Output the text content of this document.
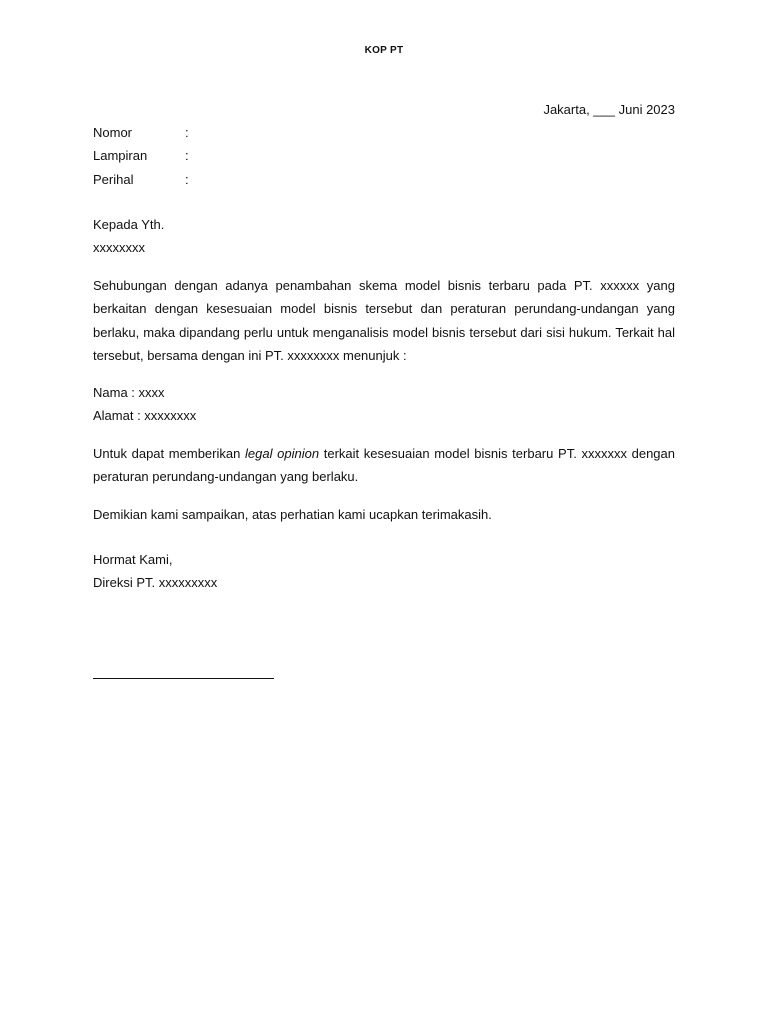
KOP PT
Jakarta, ___ Juni 2023
Nomor	:
Lampiran	:
Perihal	:
Kepada Yth.
xxxxxxxx
Sehubungan dengan adanya penambahan skema model bisnis terbaru pada PT. xxxxxx yang berkaitan dengan kesesuaian model bisnis tersebut dan peraturan perundang-undangan yang berlaku, maka dipandang perlu untuk menganalisis model bisnis tersebut dari sisi hukum. Terkait hal tersebut, bersama dengan ini PT. xxxxxxxx menunjuk :
Nama : xxxx
Alamat : xxxxxxxx
Untuk dapat memberikan legal opinion terkait kesesuaian model bisnis terbaru PT. xxxxxxx dengan peraturan perundang-undangan yang berlaku.
Demikian kami sampaikan, atas perhatian kami ucapkan terimakasih.
Hormat Kami,
Direksi PT. xxxxxxxxx
